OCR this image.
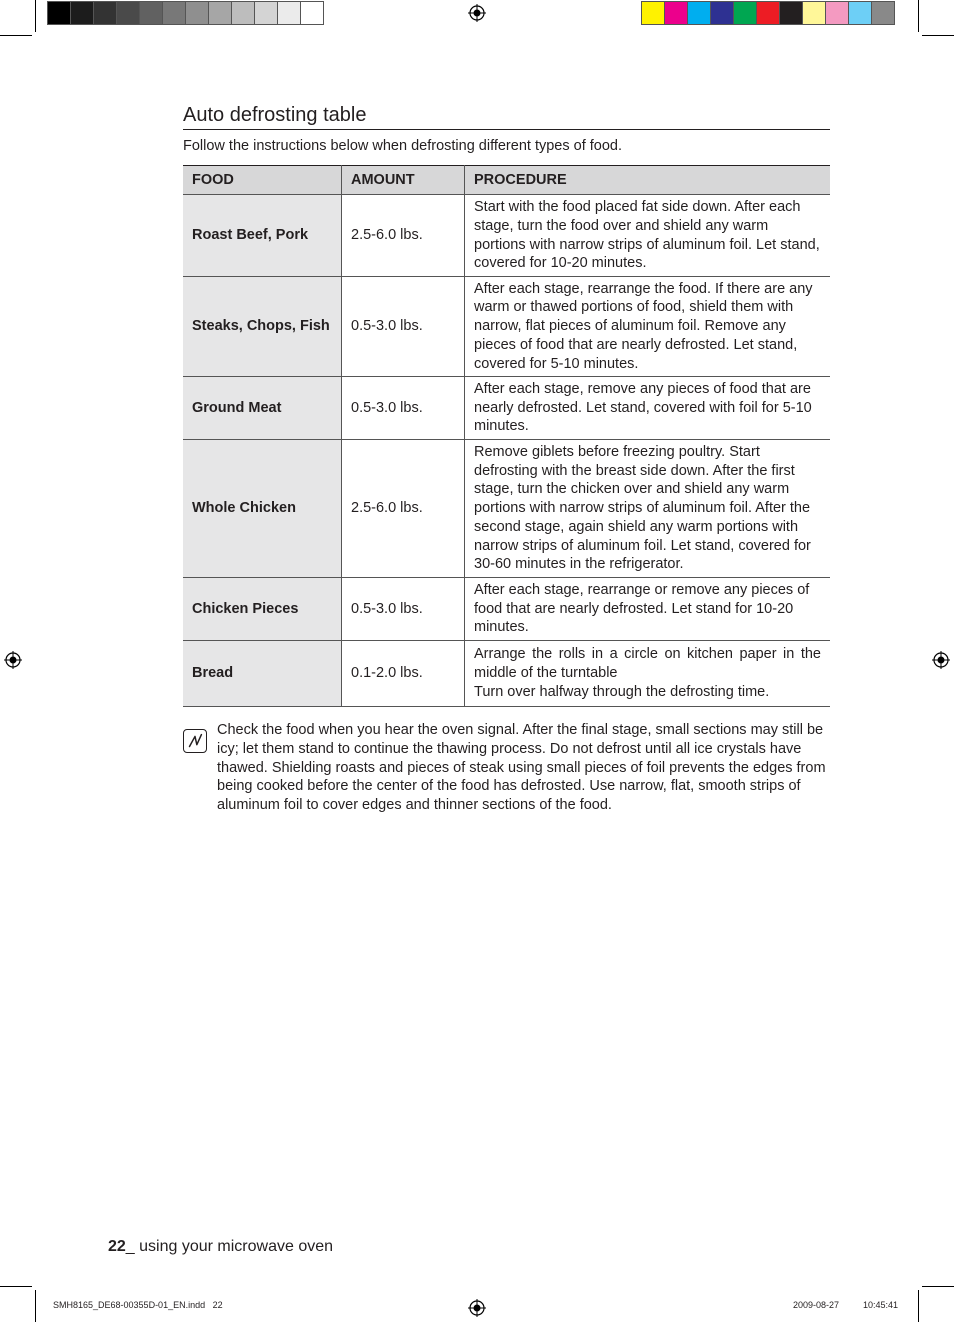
Auto defrosting table
Follow the instructions below when defrosting different types of food.
FOOD	AMOUNT	PROCEDURE
Roast Beef, Pork	2.5-6.0 lbs.	Start with the food placed fat side down. After each stage, turn the food over and shield any warm portions with narrow strips of aluminum foil. Let stand, covered for 10-20 minutes.
Steaks, Chops, Fish	0.5-3.0 lbs.	After each stage, rearrange the food. If there are any warm or thawed portions of food, shield them with narrow, flat pieces of aluminum foil. Remove any pieces of food that are nearly defrosted. Let stand, covered for 5-10 minutes.
Ground Meat	0.5-3.0 lbs.	After each stage, remove any pieces of food that are nearly defrosted. Let stand, covered with foil for 5-10 minutes.
Whole Chicken	2.5-6.0 lbs.	Remove giblets before freezing poultry. Start defrosting with the breast side down. After the first stage, turn the chicken over and shield any warm portions with narrow strips of aluminum foil. After the second stage, again shield any warm portions with narrow strips of aluminum foil. Let stand, covered for 30-60 minutes in the refrigerator.
Chicken Pieces	0.5-3.0 lbs.	After each stage, rearrange or remove any pieces of food that are nearly defrosted. Let stand for 10-20 minutes.
Bread	0.1-2.0 lbs.	Arrange the rolls in a circle on kitchen paper in the middle of the turntable
Turn over halfway through the defrosting time.
Check the food when you hear the oven signal. After the final stage, small sections may still be icy; let them stand to continue the thawing process. Do not defrost until all ice crystals have thawed. Shielding roasts and pieces of steak using small pieces of foil prevents the edges from being cooked before the center of the food has defrosted. Use narrow, flat, smooth strips of aluminum foil to cover edges and thinner sections of the food.
22_ using your microwave oven
SMH8165_DE68-00355D-01_EN.indd   22	2009-08-27	10:45:41
